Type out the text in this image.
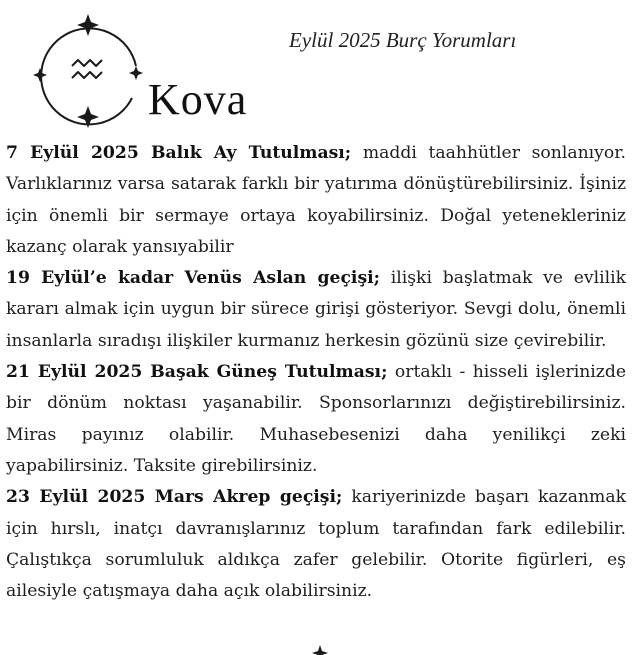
Eylül 2025 Burç Yorumları
Kova

7 Eylül 2025 Balık Ay Tutulması; maddi taahhütler sonlanıyor. Varlıklarınız varsa satarak farklı bir yatırıma dönüştürebilirsiniz. İşiniz için önemli bir sermaye ortaya koyabilirsiniz. Doğal yetenekleriniz kazanç olarak yansıyabilir

19 Eylül’e kadar Venüs Aslan geçişi; ilişki başlatmak ve evlilik kararı almak için uygun bir sürece girişi gösteriyor. Sevgi dolu, önemli insanlarla sıradışı ilişkiler kurmanız herkesin gözünü size çevirebilir.

21 Eylül 2025 Başak Güneş Tutulması; ortaklı - hisseli işlerinizde bir dönüm noktası yaşanabilir. Sponsorlarınızı değiştirebilirsiniz. Miras payınız olabilir. Muhasebesenizi daha yenilikçi zeki yapabilirsiniz. Taksite girebilirsiniz.

23 Eylül 2025 Mars Akrep geçişi; kariyerinizde başarı kazanmak için hırslı, inatçı davranışlarınız toplum tarafından fark edilebilir. Çalıştıkça sorumluluk aldıkça zafer gelebilir. Otorite figürleri, eş ailesiyle çatışmaya daha açık olabilirsiniz.
